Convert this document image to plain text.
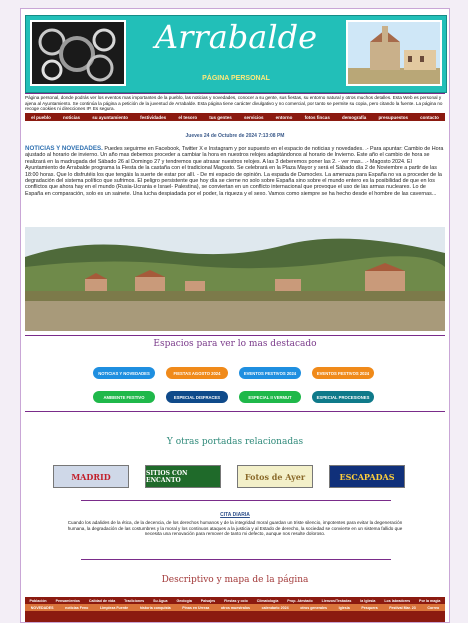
Arrabalde
PÁGINA PERSONAL
Página personal, donde podrás ver los eventos mas importantes de la pueblo, las noticias y novedades, conocer a su gente, sus fiestas, su entorno natural y otros muchos detalles. Esta Web es personal y ajena al Ayuntamiento. Se continúa la página a petición de la juventud de Arrabalde. Esta página tiene carácter divulgativo y no comercial, por tanto se permite su copia, pero citando la fuente. La página no recoge cookies ni direcciones IP. Es segura.
el pueblo	noticias	su ayuntamiento	festividades	el tesoro	tus gentes	servicios	entorno	fotos fincas	demografía	presupuestos	contacto
Jueves 24 de Octubre de 2024 7:13:08 PM
NOTICIAS Y NOVEDADES. Puedes seguirme en Facebook, Twitter X e Instagram y por supuesto en el espacio de noticias y novedades. .- Para apuntar: Cambio de Hora ajustado al horario de invierno. Un año mas debemos proceder a cambiar la hora en nuestros relojes adaptándonos al horario de Invierno. Este año el cambio de hora se realizará en la madrugada del Sábado 26 al Domingo 27 y tendremos que atrasar nuestros relojes. A las 3 deberemos poner las 2. - ver mas.. .- Magosto 2024. El Ayuntamiento de Arrabalde programa la Fiesta de la castaña con el tradicional Magosto. Se celebrará en la Plaza Mayor y será el Sábado día 2 de Noviembre a partir de las 18:00 horas. Que lo disfrutéis los que tengáis la suerte de estar por allí. - De mi espacio de opinión. La espada de Damocles. La amenaza para España no va a proceder de la degradación del sistema político que sufrimos. El peligro persistente que hoy día se cierne no solo sobre España sino sobre el mundo entero es la posibilidad de que en los conflictos que ahora hay en el mundo (Rusia-Ucrania e Israel- Palestina), se conviertan en un conflicto internacional que provoque el uso de las armas nucleares. Lo de España en comparación, solo es un sainete. Una lucha despiadada por el poder, la riqueza y el sexo. Vamos como siempre se ha hecho desde el hombre de las cavernas...
Espacios para ver lo mas destacado
NOTICIAS Y NOVEDADES	FIESTAS AGOSTO 2024	EVENTOS FESTIVOS 2024	EVENTOS FESTIVOS 2024
AMBIENTE FESTIVO	ESPECIAL DISFRACES	ESPECIAL II VERMUT	ESPECIAL PROCESIONES
Y otras portadas relacionadas
MADRID	SITIOS CON ENCANTO	Fotos de Ayer	ESCAPADAS
CITA DIARIA
Cuando los adalides de la ética, de la decencia, de los derechos humanos y de la integridad moral guardan un triste silencio, impotentes para evitar la degeneración humana, la degradación de las costumbres y la moral y los continuos ataques a la justicia y al Estado de derecho, la sociedad se convierte en un sistema fallido que necesita una renovación para remover de tanto mi defecto, aunque nos resulte doloroso.
Descriptivo y mapa de la página
Población Pensamientos Calidad de vida Tradiciones Su Agua Geología Paisajes Fiestas y ocio Climatología Prop. Atestado Lienzos/Testadas la Iglesia Los labradores Por la magia
NOVEDADES	noticias Feno	Limpieza Fuente	historia conquista	Pinas en Urreza	otros muestralos	calendario 2024	otros generales	Iglesia	Pesquera	Festival Mar. 23	Correo
